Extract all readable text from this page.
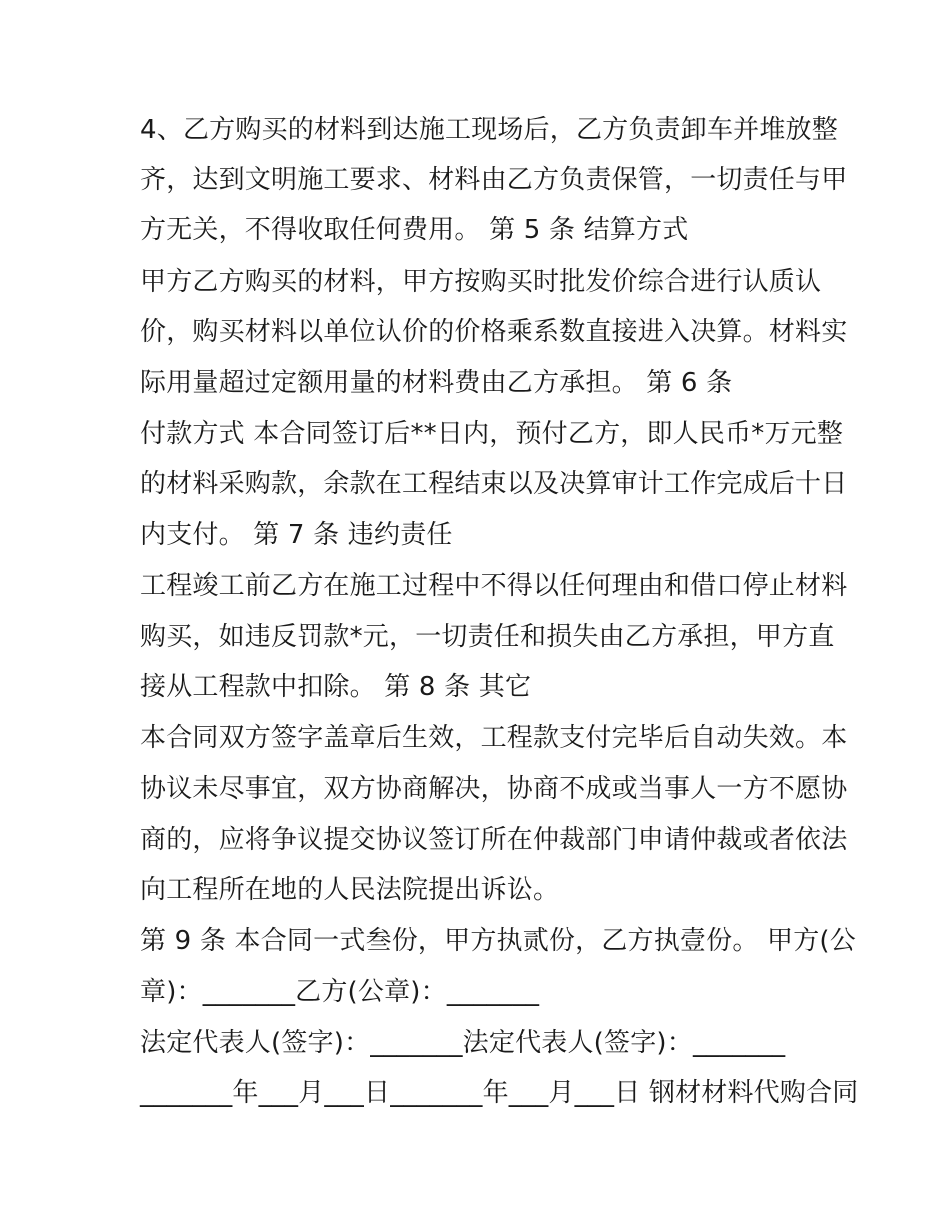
4、乙方购买的材料到达施工现场后，乙方负责卸车并堆放整

齐，达到文明施工要求、材料由乙方负责保管，一切责任与甲

方无关，不得收取任何费用。 第 5 条 结算方式

甲方乙方购买的材料，甲方按购买时批发价综合进行认质认

价，购买材料以单位认价的价格乘系数直接进入决算。材料实

际用量超过定额用量的材料费由乙方承担。 第 6 条

付款方式 本合同签订后**日内，预付乙方，即人民币*万元整

的材料采购款，余款在工程结束以及决算审计工作完成后十日

内支付。 第 7 条 违约责任

工程竣工前乙方在施工过程中不得以任何理由和借口停止材料

购买，如违反罚款*元，一切责任和损失由乙方承担，甲方直

接从工程款中扣除。 第 8 条 其它

本合同双方签字盖章后生效，工程款支付完毕后自动失效。本

协议未尽事宜，双方协商解决，协商不成或当事人一方不愿协

商的，应将争议提交协议签订所在仲裁部门申请仲裁或者依法

向工程所在地的人民法院提出诉讼。

第 9 条 本合同一式叁份，甲方执贰份，乙方执壹份。 甲方(公

章)：_______乙方(公章)：_______

法定代表人(签字)：_______法定代表人(签字)：_______

_______年___月___日_______年___月___日 钢材材料代购合同
